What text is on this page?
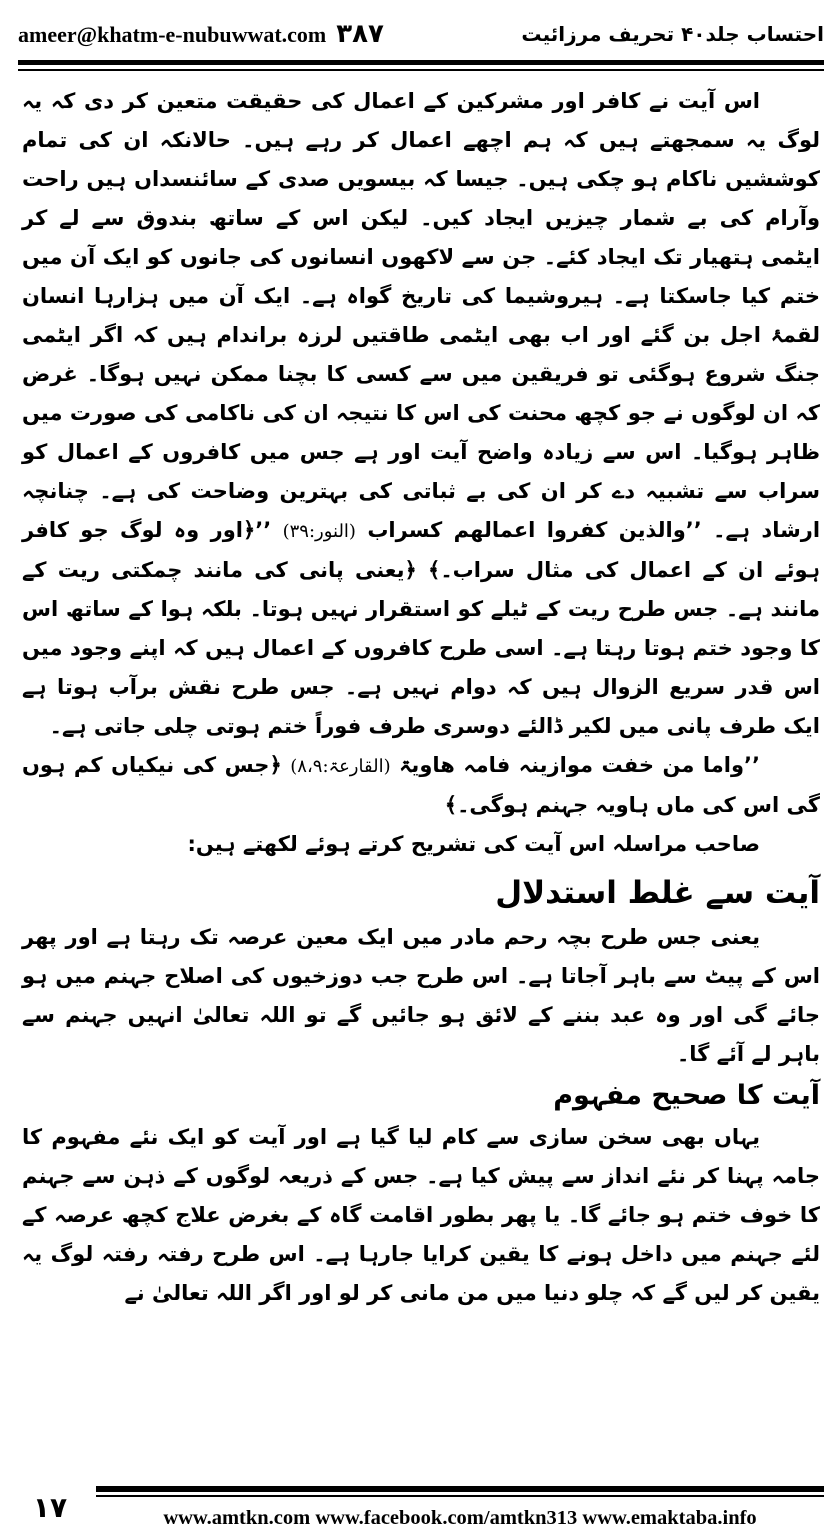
ameer@khatm-e-nubuwwat.com ۳۸۷	احتساب جلد۴۰ تحریف مرزائیت

اس آیت نے کافر اور مشرکین کے اعمال کی حقیقت متعین کر دی کہ یہ لوگ یہ سمجھتے ہیں کہ ہم اچھے اعمال کر رہے ہیں۔ حالانکہ ان کی تمام کوششیں ناکام ہو چکی ہیں۔ جیسا کہ بیسویں صدی کے سائنسداں ہیں راحت وآرام کی بے شمار چیزیں ایجاد کیں۔ لیکن اس کے ساتھ بندوق سے لے کر ایٹمی ہتھیار تک ایجاد کئے۔ جن سے لاکھوں انسانوں کی جانوں کو ایک آن میں ختم کیا جاسکتا ہے۔ ہیروشیما کی تاریخ گواہ ہے۔ ایک آن میں ہزارہا انسان لقمۂ اجل بن گئے اور اب بھی ایٹمی طاقتیں لرزہ براندام ہیں کہ اگر ایٹمی جنگ شروع ہوگئی تو فریقین میں سے کسی کا بچنا ممکن نہیں ہوگا۔ غرض کہ ان لوگوں نے جو کچھ محنت کی اس کا نتیجہ ان کی ناکامی کی صورت میں ظاہر ہوگیا۔ اس سے زیادہ واضح آیت اور ہے جس میں کافروں کے اعمال کو سراب سے تشبیہ دے کر ان کی بے ثباتی کی بہترین وضاحت کی ہے۔ چنانچہ ارشاد ہے۔ ’’والذین کفروا اعمالھم کسراب (النور:۳۹) ’’﴿اور وہ لوگ جو کافر ہوئے ان کے اعمال کی مثال سراب۔﴾ ﴿یعنی پانی کی مانند چمکتی ریت کے مانند ہے۔ جس طرح ریت کے ٹیلے کو استقرار نہیں ہوتا۔ بلکہ ہوا کے ساتھ اس کا وجود ختم ہوتا رہتا ہے۔ اسی طرح کافروں کے اعمال ہیں کہ اپنے وجود میں اس قدر سریع الزوال ہیں کہ دوام نہیں ہے۔ جس طرح نقش برآب ہوتا ہے ایک طرف پانی میں لکیر ڈالئے دوسری طرف فوراً ختم ہوتی چلی جاتی ہے۔

’’واما من خفت موازینہ فامہ ھاویۃ (القارعۃ:۸،۹) ﴿جس کی نیکیاں کم ہوں گی اس کی ماں ہاویہ جہنم ہوگی۔﴾

صاحب مراسلہ اس آیت کی تشریح کرتے ہوئے لکھتے ہیں:

آیت سے غلط استدلال

یعنی جس طرح بچہ رحم مادر میں ایک معین عرصہ تک رہتا ہے اور پھر اس کے پیٹ سے باہر آجاتا ہے۔ اس طرح جب دوزخیوں کی اصلاح جہنم میں ہو جائے گی اور وہ عبد بننے کے لائق ہو جائیں گے تو اللہ تعالیٰ انہیں جہنم سے باہر لے آئے گا۔

آیت کا صحیح مفہوم

یہاں بھی سخن سازی سے کام لیا گیا ہے اور آیت کو ایک نئے مفہوم کا جامہ پہنا کر نئے انداز سے پیش کیا ہے۔ جس کے ذریعہ لوگوں کے ذہن سے جہنم کا خوف ختم ہو جائے گا۔ یا پھر بطور اقامت گاہ کے بغرض علاج کچھ عرصہ کے لئے جہنم میں داخل ہونے کا یقین کرایا جارہا ہے۔ اس طرح رفتہ رفتہ لوگ یہ یقین کر لیں گے کہ چلو دنیا میں من مانی کر لو اور اگر اللہ تعالیٰ نے

۱۷	www.amtkn.com www.facebook.com/amtkn313 www.emaktaba.info
